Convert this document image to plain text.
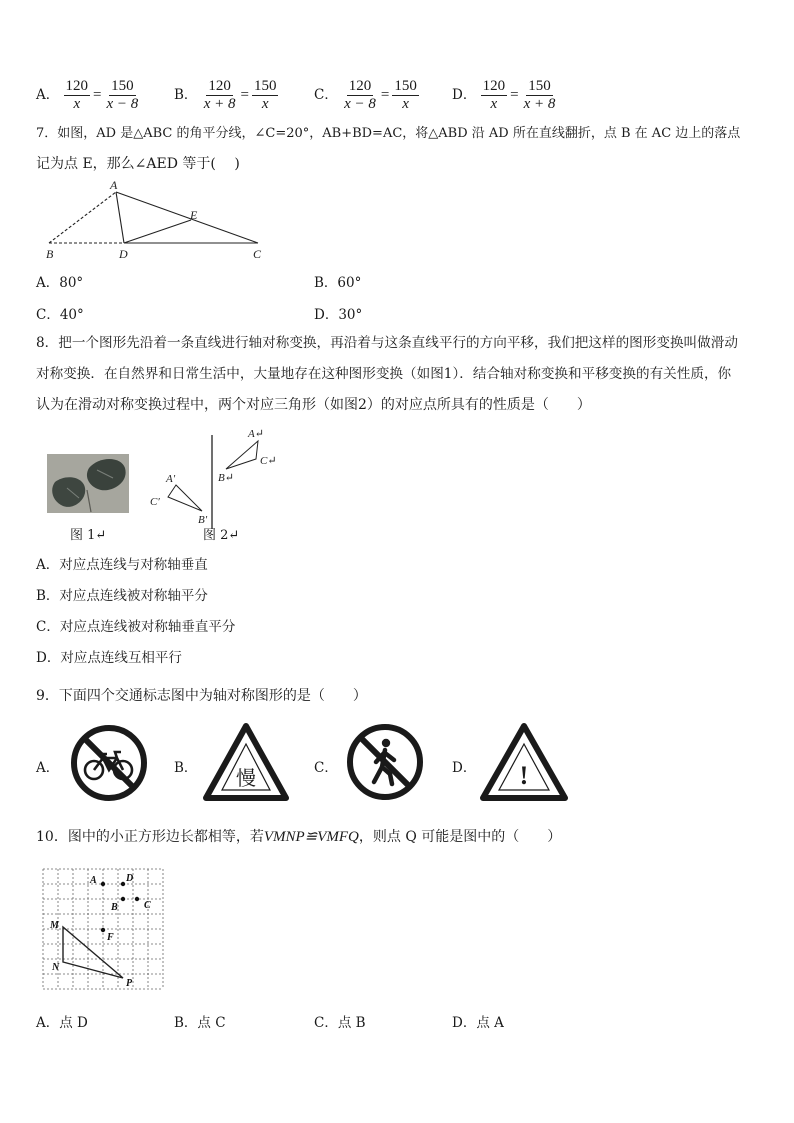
A． $\frac{120}{x} = \frac{150}{x - 8}$ B． $\frac{120}{x + 8} = \frac{150}{x}$	C． $\frac{120}{x - 8} = \frac{150}{x}$ D． $\frac{120}{x} = \frac{150}{x + 8}$
7．如图，AD 是△ABC 的角平分线，∠C=20°，AB+BD=AC，将△ABD 沿 AD 所在直线翻折，点 B 在 AC 边上的落点
记为点 E，那么∠AED 等于(　 )
A
E
B	D	C
A．80°	B．60°
C．40°	D．30°
8．把一个图形先沿着一条直线进行轴对称变换，再沿着与这条直线平行的方向平移，我们把这样的图形变换叫做滑动
对称变换．在自然界和日常生活中，大量地存在这种图形变换（如图1）．结合轴对称变换和平移变换的有关性质，你
认为在滑动对称变换过程中，两个对应三角形（如图2）的对应点所具有的性质是（　　）
图 1↵
A↵
C↵
B↵
A′
C′
B′
图 2↵
A．对应点连线与对称轴垂直
B．对应点连线被对称轴平分
C．对应点连线被对称轴垂直平分
D．对应点连线互相平行
9．下面四个交通标志图中为轴对称图形的是（　　）
A．	B． 慢	C．	D． !
10．图中的小正方形边长都相等，若VMNP≌VMFQ，则点 Q 可能是图中的（　　）
A	D
B	C
M
F
N
P
A．点 D	B．点 C	C．点 B	D．点 A
